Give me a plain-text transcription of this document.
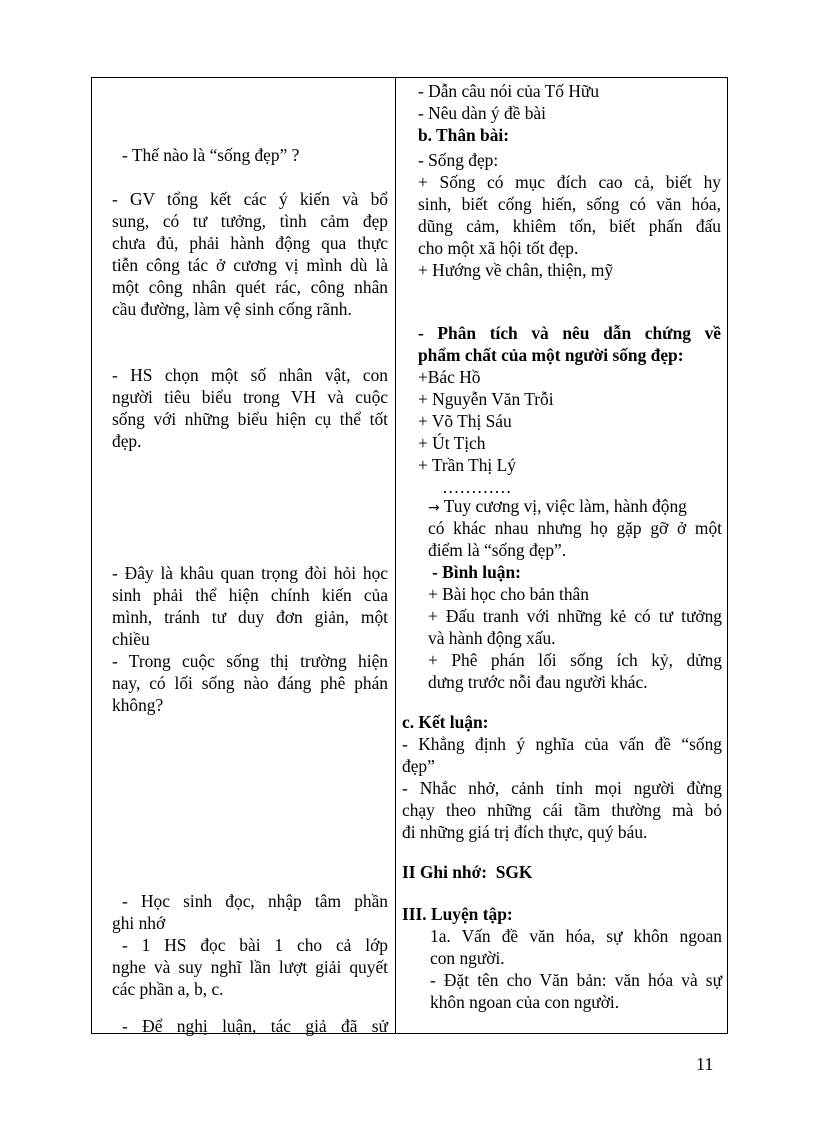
- Thế nào là “sống đẹp” ?
- GV tổng kết các ý kiến và bổ
sung, có tư tưởng, tình cảm đẹp
chưa đủ, phải hành động qua thực
tiễn công tác ở cương vị mình dù là
một công nhân quét rác, công nhân
cầu đường, làm vệ sinh cống rãnh.
- HS chọn một số nhân vật, con
người tiêu biểu trong VH và cuộc
sống với những biểu hiện cụ thể tốt
đẹp.
- Đây là khâu quan trọng đòi hỏi học
sinh phải thể hiện chính kiến của
mình, tránh tư duy đơn giản, một
chiều
- Trong cuộc sống thị trường hiện
nay, có lối sống nào đáng phê phán
không?
- Học sinh đọc, nhập tâm phần
ghi nhớ
- 1 HS đọc bài 1 cho cả lớp
nghe và suy nghĩ lần lượt giải quyết
các phần a, b, c.
- Để nghị luận, tác giả đã sử
- Dẫn câu nói của Tố Hữu
- Nêu dàn ý đề bài
b. Thân bài:
- Sống đẹp:
+ Sống có mục đích cao cả, biết hy
sinh, biết cống hiến, sống có văn hóa,
dũng cảm, khiêm tốn, biết phấn đấu
cho một xã hội tốt đẹp.
+ Hướng về chân, thiện, mỹ
- Phân tích và nêu dẫn chứng về
phẩm chất của một người sống đẹp:
+Bác Hồ
+ Nguyễn Văn Trỗi
+ Võ Thị Sáu
+ Út Tịch
+ Trần Thị Lý
…………
→ Tuy cương vị, việc làm, hành động
có khác nhau nhưng họ gặp gỡ ở một
điểm là “sống đẹp”.
- Bình luận:
+ Bài học cho bản thân
+ Đấu tranh với những kẻ có tư tưởng
và hành động xấu.
+ Phê phán lối sống ích kỷ, dửng
dưng trước nỗi đau người khác.
c. Kết luận:
- Khẳng định ý nghĩa của vấn đề “sống
đẹp”
- Nhắc nhở, cảnh tỉnh mọi người đừng
chạy theo những cái tầm thường mà bỏ
đi những giá trị đích thực, quý báu.
II Ghi nhớ: SGK
III. Luyện tập:
1a. Vấn đề văn hóa, sự khôn ngoan
con người.
- Đặt tên cho Văn bản: văn hóa và sự
khôn ngoan của con người.
11
